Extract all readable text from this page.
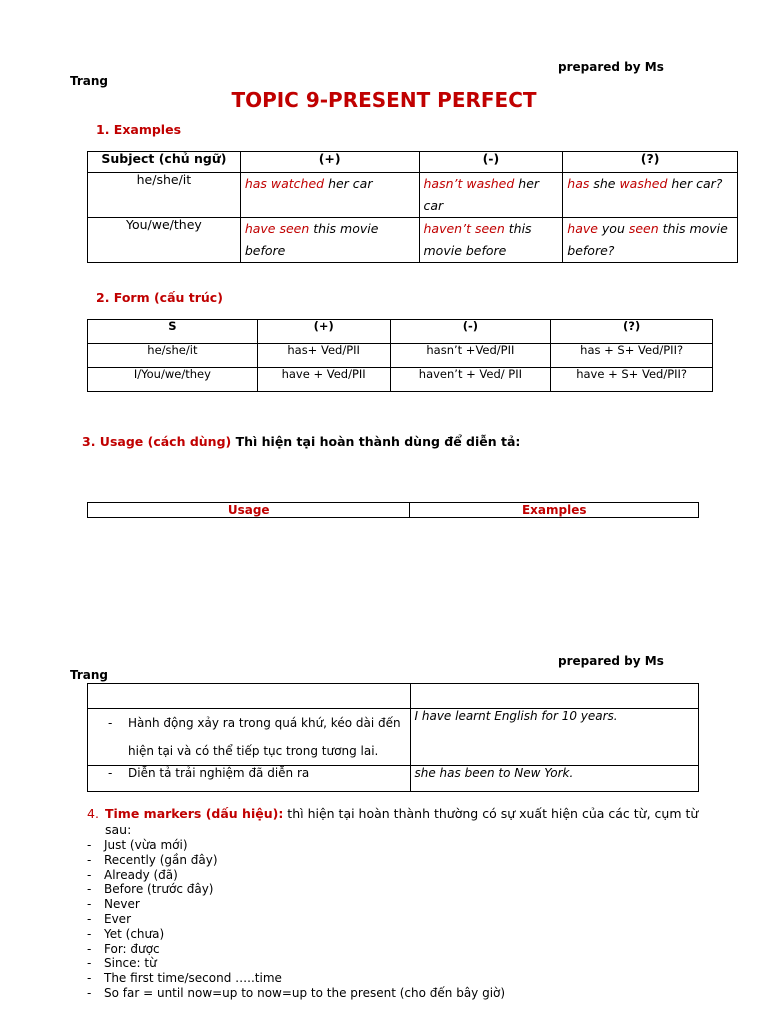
prepared by Ms
Trang
TOPIC 9-PRESENT PERFECT
1. Examples
Subject (chủ ngữ)	(+)	(-)	(?)
he/she/it	has watched her car	hasn’t washed her car	has she washed her car?
You/we/they	have seen this movie before	haven’t seen this movie before	have you seen this movie before?
2. Form (cấu trúc)
S	(+)	(-)	(?)
he/she/it	has+ Ved/PII	hasn’t +Ved/PII	has + S+ Ved/PII?
I/You/we/they	have + Ved/PII	haven’t + Ved/ PII	have + S+ Ved/PII?
3. Usage (cách dùng) Thì hiện tại hoàn thành dùng để diễn tả:
Usage	Examples
prepared by Ms
Trang

- Hành động xảy ra trong quá khứ, kéo dài đến
hiện tại và có thể tiếp tục trong tương lai.	I have learnt English for 10 years.

- Diễn tả trải nghiệm đã diễn ra	she has been to New York.
4. Time markers (dấu hiệu): thì hiện tại hoàn thành thường có sự xuất hiện của các từ, cụm từ sau:
-	Just (vừa mới)
-	Recently (gần đây)
-	Already (đã)
-	Before (trước đây)
-	Never
-	Ever
-	Yet (chưa)
-	For: được
-	Since: từ
-	The first time/second …..time
-	So far = until now=up to now=up to the present (cho đến bây giờ)
